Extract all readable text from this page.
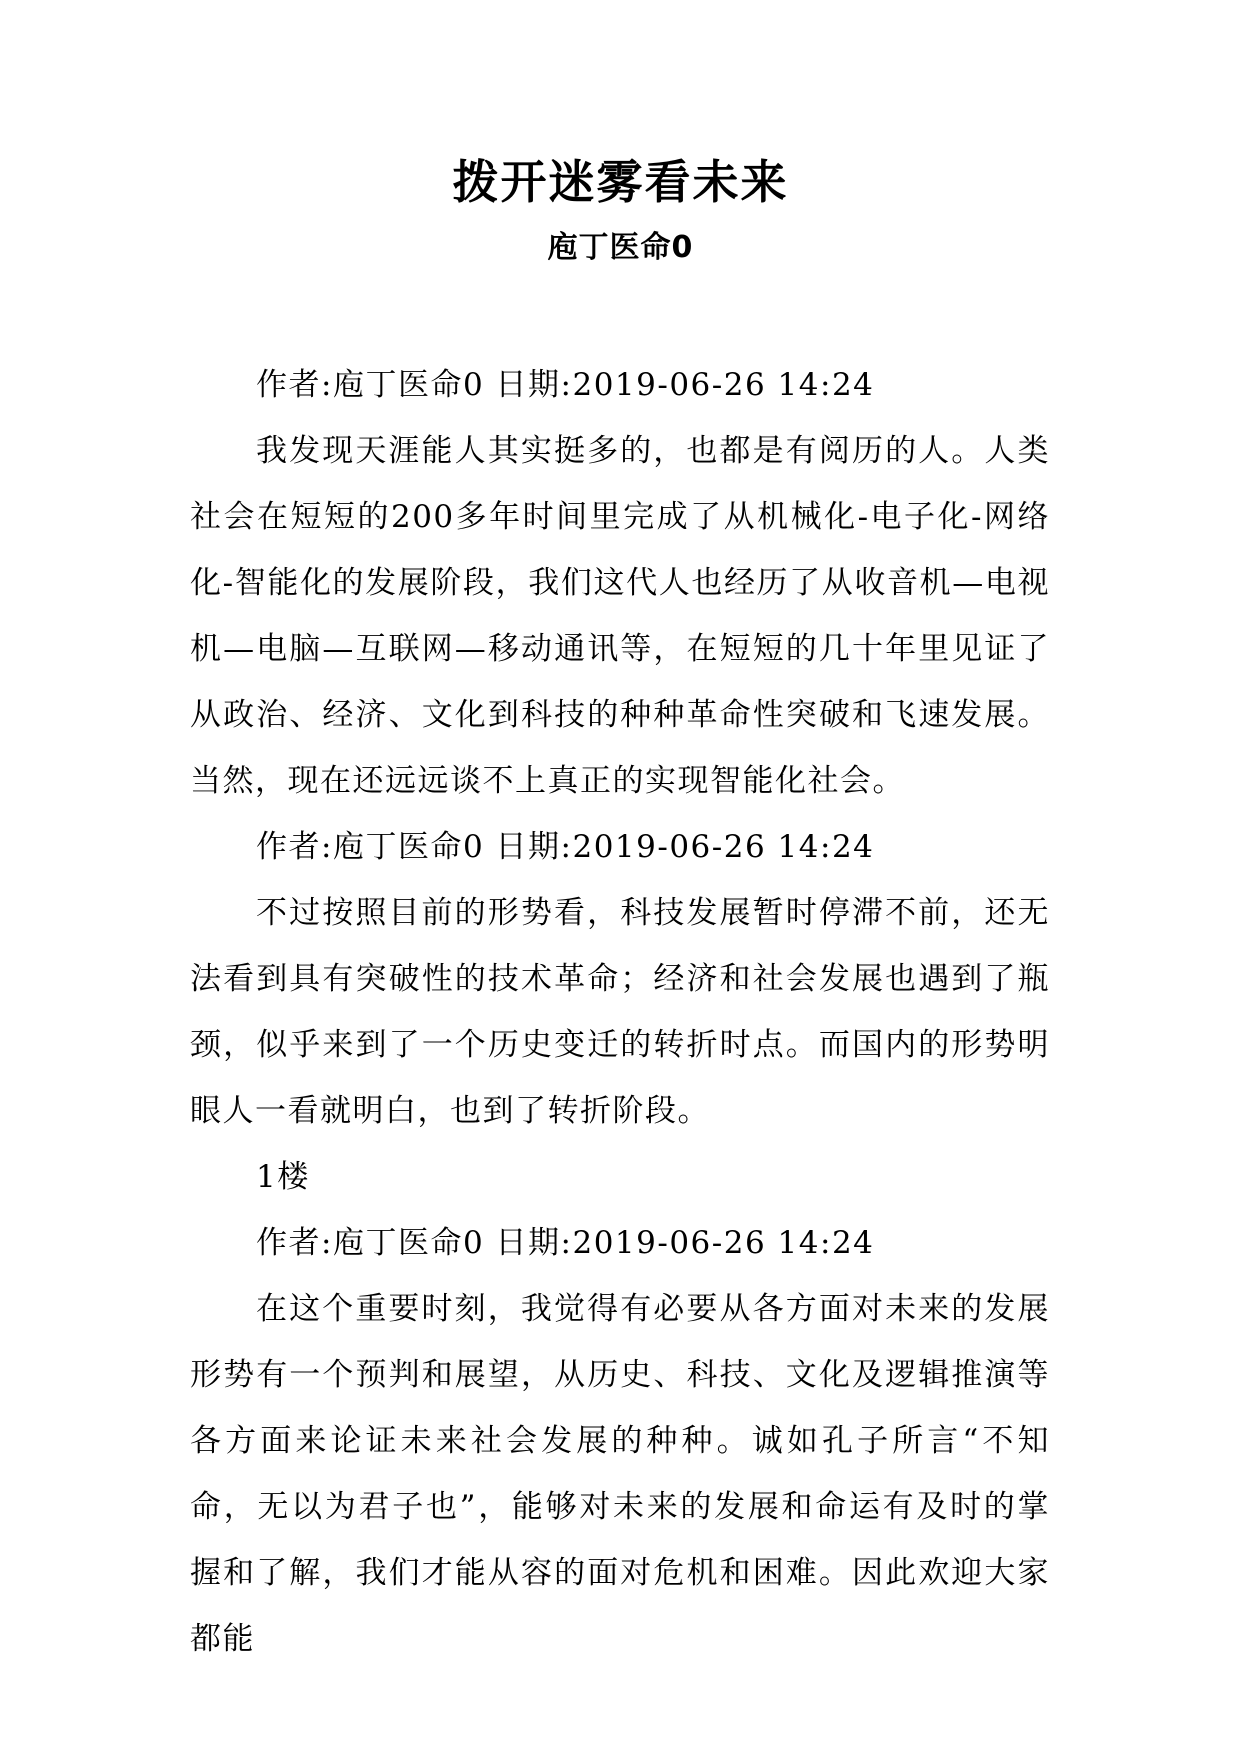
拨开迷雾看未来
庖丁医命0

作者:庖丁医命0 日期:2019-06-26 14:24

我发现天涯能人其实挺多的，也都是有阅历的人。人类社会在短短的200多年时间里完成了从机械化-电子化-网络化-智能化的发展阶段，我们这代人也经历了从收音机—电视机—电脑—互联网—移动通讯等，在短短的几十年里见证了从政治、经济、文化到科技的种种革命性突破和飞速发展。当然，现在还远远谈不上真正的实现智能化社会。

作者:庖丁医命0 日期:2019-06-26 14:24

不过按照目前的形势看，科技发展暂时停滞不前，还无法看到具有突破性的技术革命；经济和社会发展也遇到了瓶颈，似乎来到了一个历史变迁的转折时点。而国内的形势明眼人一看就明白，也到了转折阶段。

1楼

作者:庖丁医命0 日期:2019-06-26 14:24

在这个重要时刻，我觉得有必要从各方面对未来的发展形势有一个预判和展望，从历史、科技、文化及逻辑推演等各方面来论证未来社会发展的种种。诚如孔子所言“不知命，无以为君子也”，能够对未来的发展和命运有及时的掌握和了解，我们才能从容的面对危机和困难。因此欢迎大家都能
